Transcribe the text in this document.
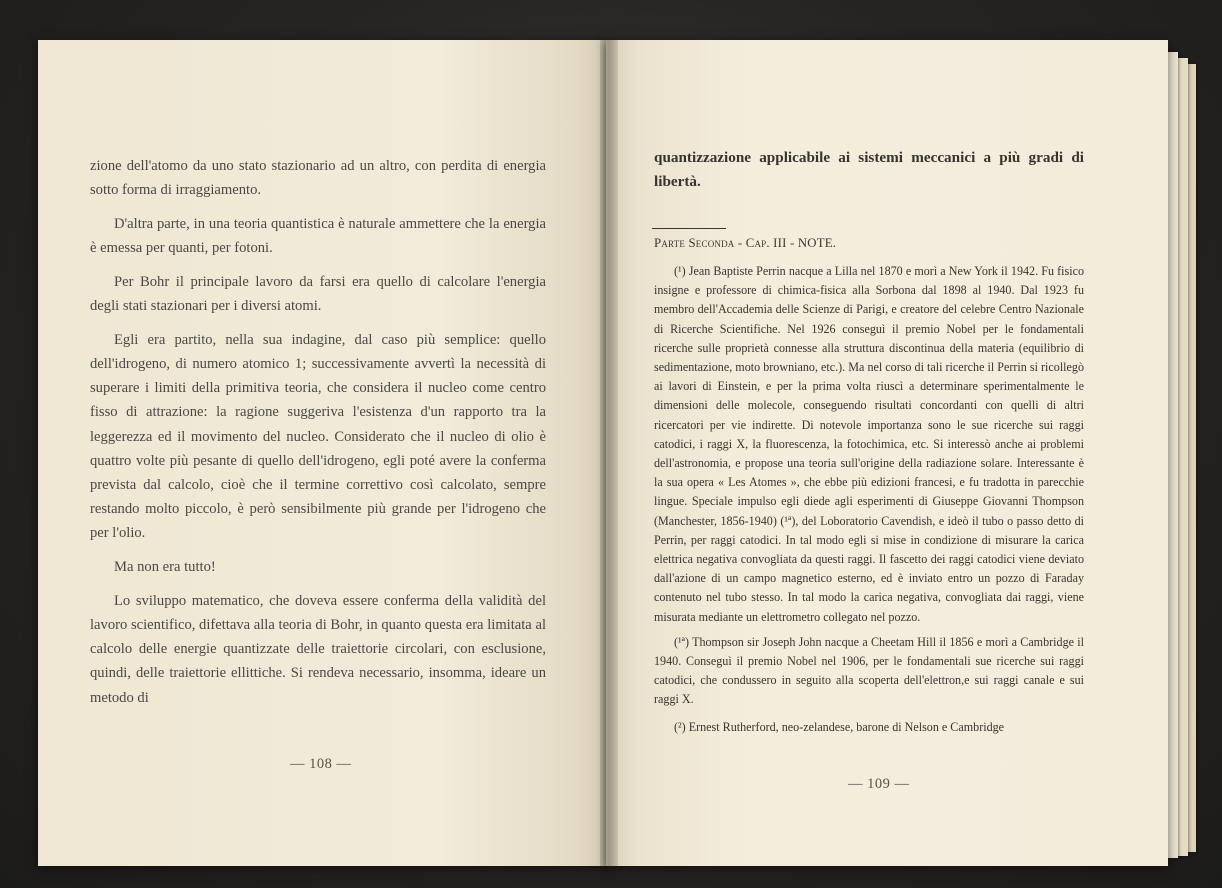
zione dell'atomo da uno stato stazionario ad un altro, con perdita di energia sotto forma di irraggiamento.

D'altra parte, in una teoria quantistica è naturale ammettere che la energia è emessa per quanti, per fotoni.

Per Bohr il principale lavoro da farsi era quello di calcolare l'energia degli stati stazionari per i diversi atomi.

Egli era partito, nella sua indagine, dal caso più semplice: quello dell'idrogeno, di numero atomico 1; successivamente avvertì la necessità di superare i limiti della primitiva teoria, che considera il nucleo come centro fisso di attrazione: la ragione suggeriva l'esistenza d'un rapporto tra la leggerezza ed il movimento del nucleo. Considerato che il nucleo di olio è quattro volte più pesante di quello dell'idrogeno, egli poté avere la conferma prevista dal calcolo, cioè che il termine correttivo così calcolato, sempre restando molto piccolo, è però sensibilmente più grande per l'idrogeno che per l'olio.

Ma non era tutto!

Lo sviluppo matematico, che doveva essere conferma della validità del lavoro scientifico, difettava alla teoria di Bohr, in quanto questa era limitata al calcolo delle energie quantizzate delle traiettorie circolari, con esclusione, quindi, delle traiettorie ellittiche. Si rendeva necessario, insomma, ideare un metodo di

— 108 —
quantizzazione applicabile ai sistemi meccanici a più gradi di libertà.
Parte Seconda - Cap. III - NOTE.

(¹) Jean Baptiste Perrin nacque a Lilla nel 1870 e morì a New York il 1942. Fu fisico insigne e professore di chimica-fisica alla Sorbona dal 1898 al 1940. Dal 1923 fu membro dell'Accademia delle Scienze di Parigi, e creatore del celebre Centro Nazionale di Ricerche Scientifiche. Nel 1926 conseguì il premio Nobel per le fondamentali ricerche sulle proprietà connesse alla struttura discontinua della materia (equilibrio di sedimentazione, moto browniano, etc.). Ma nel corso di tali ricerche il Perrin si ricollegò ai lavori di Einstein, e per la prima volta riuscì a determinare sperimentalmente le dimensioni delle molecole, conseguendo risultati concordanti con quelli di altri ricercatori per vie indirette. Di notevole importanza sono le sue ricerche sui raggi catodici, i raggi X, la fluorescenza, la fotochimica, etc. Si interessò anche ai problemi dell'astronomia, e propose una teoria sull'origine della radiazione solare. Interessante è la sua opera « Les Atomes », che ebbe più edizioni francesi, e fu tradotta in parecchie lingue. Speciale impulso egli diede agli esperimenti di Giuseppe Giovanni Thompson (Manchester, 1856-1940) (¹ª), del Loboratorio Cavendish, e ideò il tubo o passo detto di Perrin, per raggi catodici. In tal modo egli si mise in condizione di misurare la carica elettrica negativa convogliata da questi raggi. Il fascetto dei raggi catodici viene deviato dall'azione di un campo magnetico esterno, ed è inviato entro un pozzo di Faraday contenuto nel tubo stesso. In tal modo la carica negativa, convogliata dai raggi, viene misurata mediante un elettrometro collegato nel pozzo.

(¹ª) Thompson sir Joseph John nacque a Cheetam Hill il 1856 e morì a Cambridge il 1940. Conseguì il premio Nobel nel 1906, per le fondamentali sue ricerche sui raggi catodici, che condussero in seguito alla scoperta dell'elettron,e sui raggi canale e sui raggi X.

(²) Ernest Rutherford, neo-zelandese, barone di Nelson e Cambridge

— 109 —
